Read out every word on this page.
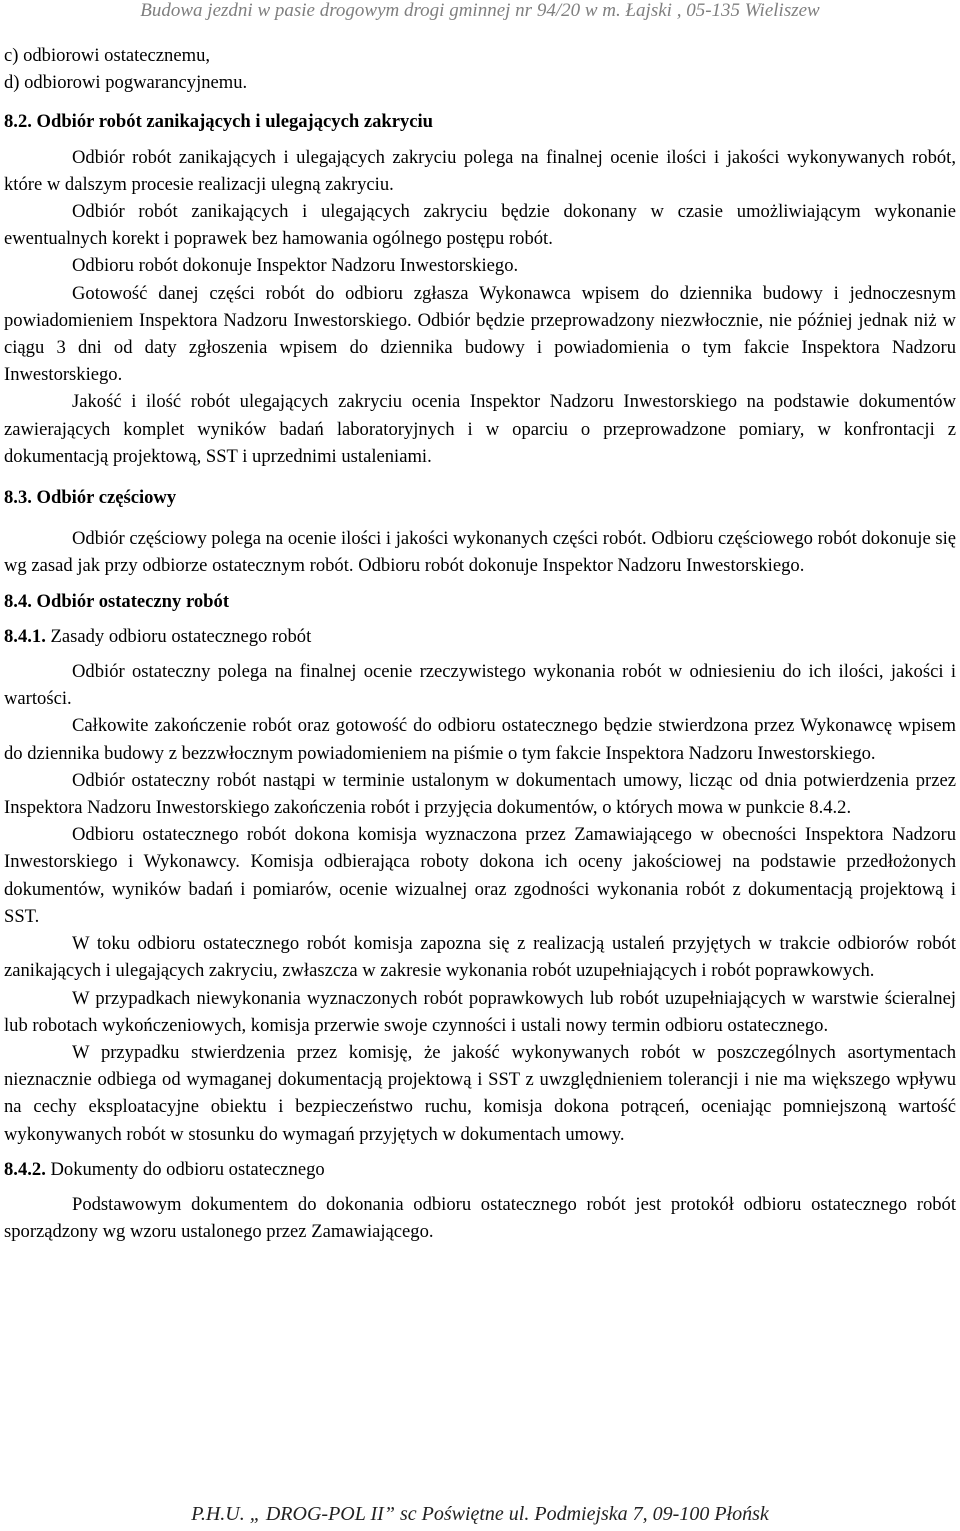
Budowa jezdni w pasie drogowym drogi gminnej nr 94/20 w m. Łajski , 05-135 Wieliszew

c) odbiorowi ostatecznemu,

d) odbiorowi pogwarancyjnemu.

8.2. Odbiór robót zanikających i ulegających zakryciu

Odbiór robót zanikających i ulegających zakryciu polega na finalnej ocenie ilości i jakości wykonywanych robót, które w dalszym procesie realizacji ulegną zakryciu.

Odbiór robót zanikających i ulegających zakryciu będzie dokonany w czasie umożliwiającym wykonanie ewentualnych korekt i poprawek bez hamowania ogólnego postępu robót.

Odbioru robót dokonuje Inspektor Nadzoru Inwestorskiego.

Gotowość danej części robót do odbioru zgłasza Wykonawca wpisem do dziennika budowy i jednoczesnym powiadomieniem Inspektora Nadzoru Inwestorskiego. Odbiór będzie przeprowadzony niezwłocznie, nie później jednak niż w ciągu 3 dni od daty zgłoszenia wpisem do dziennika budowy i powiadomienia o tym fakcie Inspektora Nadzoru Inwestorskiego.

Jakość i ilość robót ulegających zakryciu ocenia Inspektor Nadzoru Inwestorskiego na podstawie dokumentów zawierających komplet wyników badań laboratoryjnych i w oparciu o przeprowadzone pomiary, w konfrontacji z dokumentacją projektową, SST i uprzednimi ustaleniami.

8.3. Odbiór częściowy

Odbiór częściowy polega na ocenie ilości i jakości wykonanych części robót. Odbioru częściowego robót dokonuje się wg zasad jak przy odbiorze ostatecznym robót. Odbioru robót dokonuje Inspektor Nadzoru Inwestorskiego.

8.4. Odbiór ostateczny robót

8.4.1. Zasady odbioru ostatecznego robót

Odbiór ostateczny polega na finalnej ocenie rzeczywistego wykonania robót w odniesieniu do ich ilości, jakości i wartości.

Całkowite zakończenie robót oraz gotowość do odbioru ostatecznego będzie stwierdzona przez Wykonawcę wpisem do dziennika budowy z bezzwłocznym powiadomieniem na piśmie o tym fakcie Inspektora Nadzoru Inwestorskiego.

Odbiór ostateczny robót nastąpi w terminie ustalonym w dokumentach umowy, licząc od dnia potwierdzenia przez Inspektora Nadzoru Inwestorskiego zakończenia robót i przyjęcia dokumentów, o których mowa w punkcie 8.4.2.

Odbioru ostatecznego robót dokona komisja wyznaczona przez Zamawiającego w obecności Inspektora Nadzoru Inwestorskiego i Wykonawcy. Komisja odbierająca roboty dokona ich oceny jakościowej na podstawie przedłożonych dokumentów, wyników badań i pomiarów, ocenie wizualnej oraz zgodności wykonania robót z dokumentacją projektową i SST.

W toku odbioru ostatecznego robót komisja zapozna się z realizacją ustaleń przyjętych w trakcie odbiorów robót zanikających i ulegających zakryciu, zwłaszcza w zakresie wykonania robót uzupełniających i robót poprawkowych.

W przypadkach niewykonania wyznaczonych robót poprawkowych lub robót uzupełniających w warstwie ścieralnej lub robotach wykończeniowych, komisja przerwie swoje czynności i ustali nowy termin odbioru ostatecznego.

W przypadku stwierdzenia przez komisję, że jakość wykonywanych robót w poszczególnych asortymentach nieznacznie odbiega od wymaganej dokumentacją projektową i SST z uwzględnieniem tolerancji i nie ma większego wpływu na cechy eksploatacyjne obiektu i bezpieczeństwo ruchu, komisja dokona potrąceń, oceniając pomniejszoną wartość wykonywanych robót w stosunku do wymagań przyjętych w dokumentach umowy.

8.4.2. Dokumenty do odbioru ostatecznego

Podstawowym dokumentem do dokonania odbioru ostatecznego robót jest protokół odbioru ostatecznego robót sporządzony wg wzoru ustalonego przez Zamawiającego.

P.H.U. „ DROG-POL II” sc Poświętne ul. Podmiejska 7, 09-100 Płońsk
